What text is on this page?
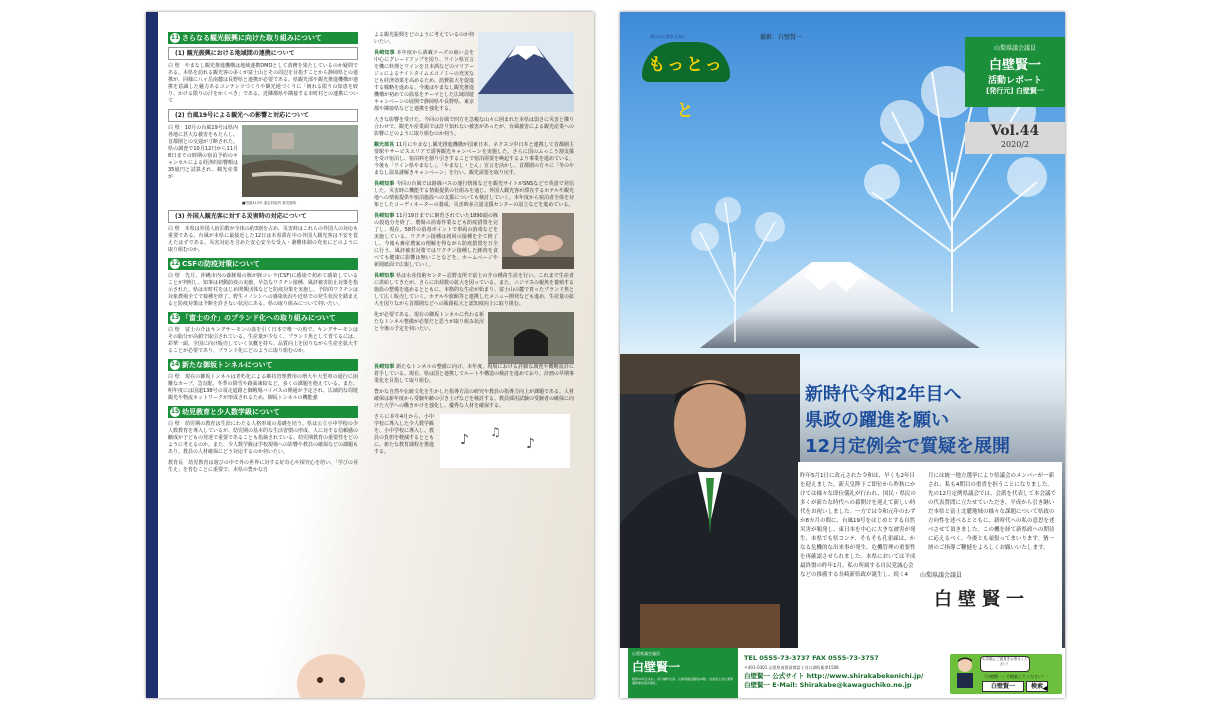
11 さらなる観光振興に向けた取り組みについて
(1) 観光振興における地域間の連携について
白 壁　やまなし観光推進機構は地域連携DMOとして責務を果たしているのか疑問である。本県を訪れる観光客の多くが富士山とその周辺を目指すことから静岡県との連携が、同様に八ヶ岳南麓は長野県と連携が必要である。県観光部や観光推進機構が連携を意識した魅力あるコンテンツづくりや観光地づくりに「統れる限りの知恵を絞り、かける限りの汗をかくべき」である。近隣都県や隣接する市町村との連携について
(2) 台風19号による観光への影響と対応について
白 壁　10月の台風19号は県内各地に甚大な被害をもたらし、首都圏との交通が寸断された。県の調査で10月12日から11月8日までの時期の宿泊予約のキャンセルによる経済的影響額は35億円と試算され、観光産業が
■国道413号 道志村地内 被災箇所
(3) 外国人観光客に対する災害時の対応について
白 壁　本県は外国人宿泊数が全体の約3割を占め、災害時はこれらの外国人の対応も重要である。台風が本県に最接近した12日は本県滞在中の外国人観光客は不安を覚えたはずである。災害対応を含めた安心安全な受入・避難体制の充実にどのように取り組むのか。
12 CSFの防疫対策について
白 壁　先月、沖縄市内の養豚場の豚が豚コレラ(CSF)に感染で初めて感染していることが判明し、知事は初動防疫の実施、早急なワクチン接種、風評被害防止対策を指示された。県は市町村をはじめ関係団体などと防疫対策を実施し、予防的ワクチンは対象農場全てで接種を終了。野生イノシシへの感染状況や近県での発生状況を踏まえると防疫対策は予断を許さない状況にある。県の取り組みについて伺いたい。
13 「富士の介」のブランド化への取り組みについて
白 壁　富士の介はキングサーモンの血を引く日本で唯一の魚で、キングサーモンはその脂分が高値で取引されている。生産量が少なく、ブランド魚として育てるには、彩華一頭、全国に向け販売していく気概を持ち、品質向上を図りながら生産を拡大することが必要であり、ブランド化にどのように取り組むのか。
14 新たな御坂トンネルについて
白 壁　現在の御坂トンネルは老朽化による維持管理費用の増大や大型車の通行に困難なカーブ、急勾配、冬季の降雪や路面凍結など、多くの課題を抱えている。また、明年度には国道138号の須走道路と御殿場バイパスの開通が予定され、広域的な周遊観光や物流ネットワークが形成されるため、御坂トンネルの機能強
15 幼児教育と少人数学級について
白 壁　幼児期の教育は生涯にわたる人格形成の基礎を培う。県は公立小中学校の少人数教育を導入しているが、幼児期の基本的な生活習慣の形成、人に対する信頼感の醸成が子どもの発達で重要であることも指摘されている。幼児期教育の重要性をどのように考えるのか。また、少人数学級は学校現場への影響や教員の確保などの課題もあり、教員の人材確保にどう対応するのか伺いたい。
教育長　幼児教育は遊びの中で外の世界に対する好奇心や探究心を培い、「学びの芽生え」を育むことに重要で、本県の豊かな自
よる観光振興をどのように考えているのか伺いたい。
長崎知事 本年度から酒蔵ツーズの商い会を中心にグレードアップを図り、ワイン県宣言を機に料理とワインを日本酒などのマリアージュによるナイトタイムエコノミーの充実なども経済効果を高めるため、消費拡大を促進する戦略を進める。今後はやまなし観光推進機構が初めての温泉をテーマとした広域周遊キャンペーンの展開で静岡県や長野県、東京都や隣接県などと連携を強化する。
大きな影響を受けた。今回の台風で四方を急峻な山々に囲まれた本県は弱さに災害と隣り合わせで、観光や産業面では計り知れない被害があったが、台風被害による観光産業への影響にどのように取り組むのか伺う。
観光部長 11月にやまなし観光推進機構が国東日本、ネクスコ中日本と連携して首都圏主要駅やサービスエリアで誘客観光キャンペーンを実施した。さらに国のふっこう割支援を受け宿泊し、宿泊料を割り引きすることで宿泊需要を喚起するより事業を進めている。今後も「ワイン県やまなし」、「やまなし・とん」宣言を活かし、首都圏の方々に「冬のやまなし温泉謎解きキャンペーン」を行い、観光需要を取り戻す。
長崎知事 今回の台風では路線バスの運行情報などを観光サイトがSNSなどで英語で発信した。災害時に機能する情報提供の仕組みを通じ、外国人観光客が滞在するホテルや観光地への情報提供や宿泊施設への支援についても検討していく。本年度から宿泊者全体を対象としたコーディネーターの養成、災害時多言語支援センターの設立などを進めている。
長崎知事 11月19日までに飼育されていた1890頭の豚の殺処分を終了、農場の消毒作業なども防疫措置を完了し、現在、58件の消毒ポイントで車両の消毒などを実施している。ワクチン接種は初回の接種を全て終了し、今後も畜産農家の理解を得ながら防疫措置を万全に行う。風評被害対策ではワクチン接種した豚肉を食べても健康に影響は無いことなどを、ホームページや新聞紙面で広報していく。
長崎知事 県は水産技術センター忍野支所で富士の介の種苗生産を行い、これまで生産者に供給してきたが、さらに出荷数の拡大を図っている。また、ニジマスの親魚を養殖する施設の整備を進めるとともに、本格的な生産が始まり、富士山の麓で育ったブランド魚として広く販売していく。ホテルや旅館等と連携したメニュー開発なども進め、生産量の拡大を図りながら首都圏などへの販路拡大と認知度向上に取り組む。
化が必要である。現在の御坂トンネルに代わる新たなトンネル整備が必要だと思うが取り組み状況と今後の予定を伺いたい。
長崎知事 新たなトンネルの整備に向け、本年度、現場における詳細な調査や概略設計に着手している。現在、県は国と連携してルートや構造の検討を進めており、計画の早期事業化を目指して取り組む。
豊かな自然や伝統文化を生かした指導方法の研究や教員の指導力向上が課題である。人材確保は新年度から受験年齢の引き上げなどを検討する。教員採用試験の受験者の確保に向けた大学への働きかけを強化し、優秀な人材を確保する。
さらに本年4月から、小中学校に導入した少人数学級を、小中学校に導入し、教員の負担を軽減するとともに、新たな教育課程を推進する。
♪ ♫
♪
明日の山梨を元気に
もっとっと
撮影：白壁賢一
山梨県議会議員
白壁賢一
活動レポート
[発行元] 白壁賢一
Vol.44
2020/2
新時代令和2年目へ
県政の躍進を願い
12月定例会で質疑を展開
昨年5月1日に改元された令和は、早くも2年目を迎えました。新天皇陛下ご即位から昨秋にかけては様々な即位儀礼が行われ、国民・県民の多くが新たな時代への幕開けを迎えて新しい時代をお祝いしました。一方では令和元年のわずか8カ月の間に、台風19号をはじめとする自然災害が頻発し、東日本を中心に大きな被害が発生、本県でも県コンテ、そもそも孔雀廊は、かなる危機的な出来事が発生、危機管理の重要性を再確認させられました。本県においては平成最終盤の昨年1月、私の所属する自民党誠心会などの推薦する長崎新県政が誕生し、続く4
月には統一地方選挙により県議会のメンバーが一新され、私も4期目の重責を担うことになりました。先の12月定例県議会では、会派を代表して本会議での代表質問に立たせていただき、平成から引き継いだ本県と富士北麓地域の様々な課題について県政の方向性を述べるとともに、新時代への私の意思を述べさせて頂きました。この機を経て新県政への期待に応えるべく、今後とも頑張ってまいります。猶一層のご指導ご鞭撻をよろしくお願いいたします。
山梨県議会議員
白壁賢一
山梨県議会議員
白壁賢一
昭和32年生まれ。河口湖町出身。山梨県議会議員(4期)。自由民主党山梨県連幹事長等を歴任。
TEL 0555-73-3737 FAX 0555-73-3757
〒401-0301 山梨県南都留郡富士河口湖町船津1508
白壁賢一 公式サイト http://www.shirakabekenichi.jp/
白壁賢一 E-Mail: Shirakabe@kawaguchiko.ne.jp
お気軽にご意見をお寄せください！
「白壁賢一」で検索してください！
白壁賢一	検索
